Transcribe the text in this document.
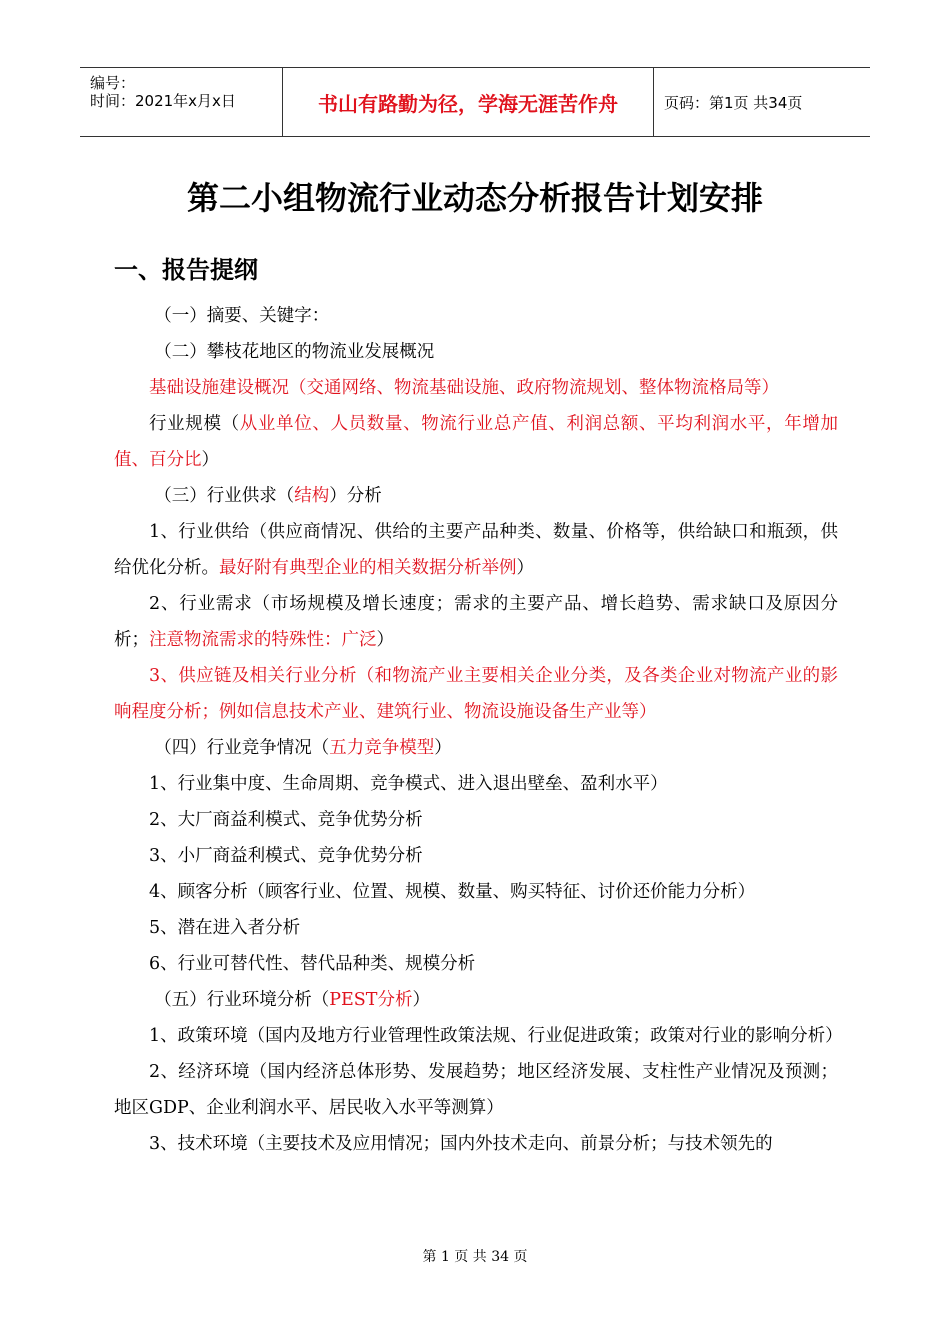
编号：
时间：2021年x月x日	书山有路勤为径，学海无涯苦作舟	页码：第1页 共34页
第二小组物流行业动态分析报告计划安排
一、报告提纲

（一）摘要、关键字：

（二）攀枝花地区的物流业发展概况

基础设施建设概况（交通网络、物流基础设施、政府物流规划、整体物流格局等）

行业规模（从业单位、人员数量、物流行业总产值、利润总额、平均利润水平，年增加值、百分比）

（三）行业供求（结构）分析

1、行业供给（供应商情况、供给的主要产品种类、数量、价格等，供给缺口和瓶颈，供给优化分析。最好附有典型企业的相关数据分析举例）

2、行业需求（市场规模及增长速度；需求的主要产品、增长趋势、需求缺口及原因分析；注意物流需求的特殊性：广泛）

3、供应链及相关行业分析（和物流产业主要相关企业分类，及各类企业对物流产业的影响程度分析；例如信息技术产业、建筑行业、物流设施设备生产业等）

（四）行业竞争情况（五力竞争模型）

1、行业集中度、生命周期、竞争模式、进入退出壁垒、盈利水平）

2、大厂商益利模式、竞争优势分析

3、小厂商益利模式、竞争优势分析

4、顾客分析（顾客行业、位置、规模、数量、购买特征、讨价还价能力分析）

5、潜在进入者分析

6、行业可替代性、替代品种类、规模分析

（五）行业环境分析（PEST分析）

1、政策环境（国内及地方行业管理性政策法规、行业促进政策；政策对行业的影响分析）

2、经济环境（国内经济总体形势、发展趋势；地区经济发展、支柱性产业情况及预测；地区GDP、企业利润水平、居民收入水平等测算）

3、技术环境（主要技术及应用情况；国内外技术走向、前景分析；与技术领先的

第 1 页 共 34 页
